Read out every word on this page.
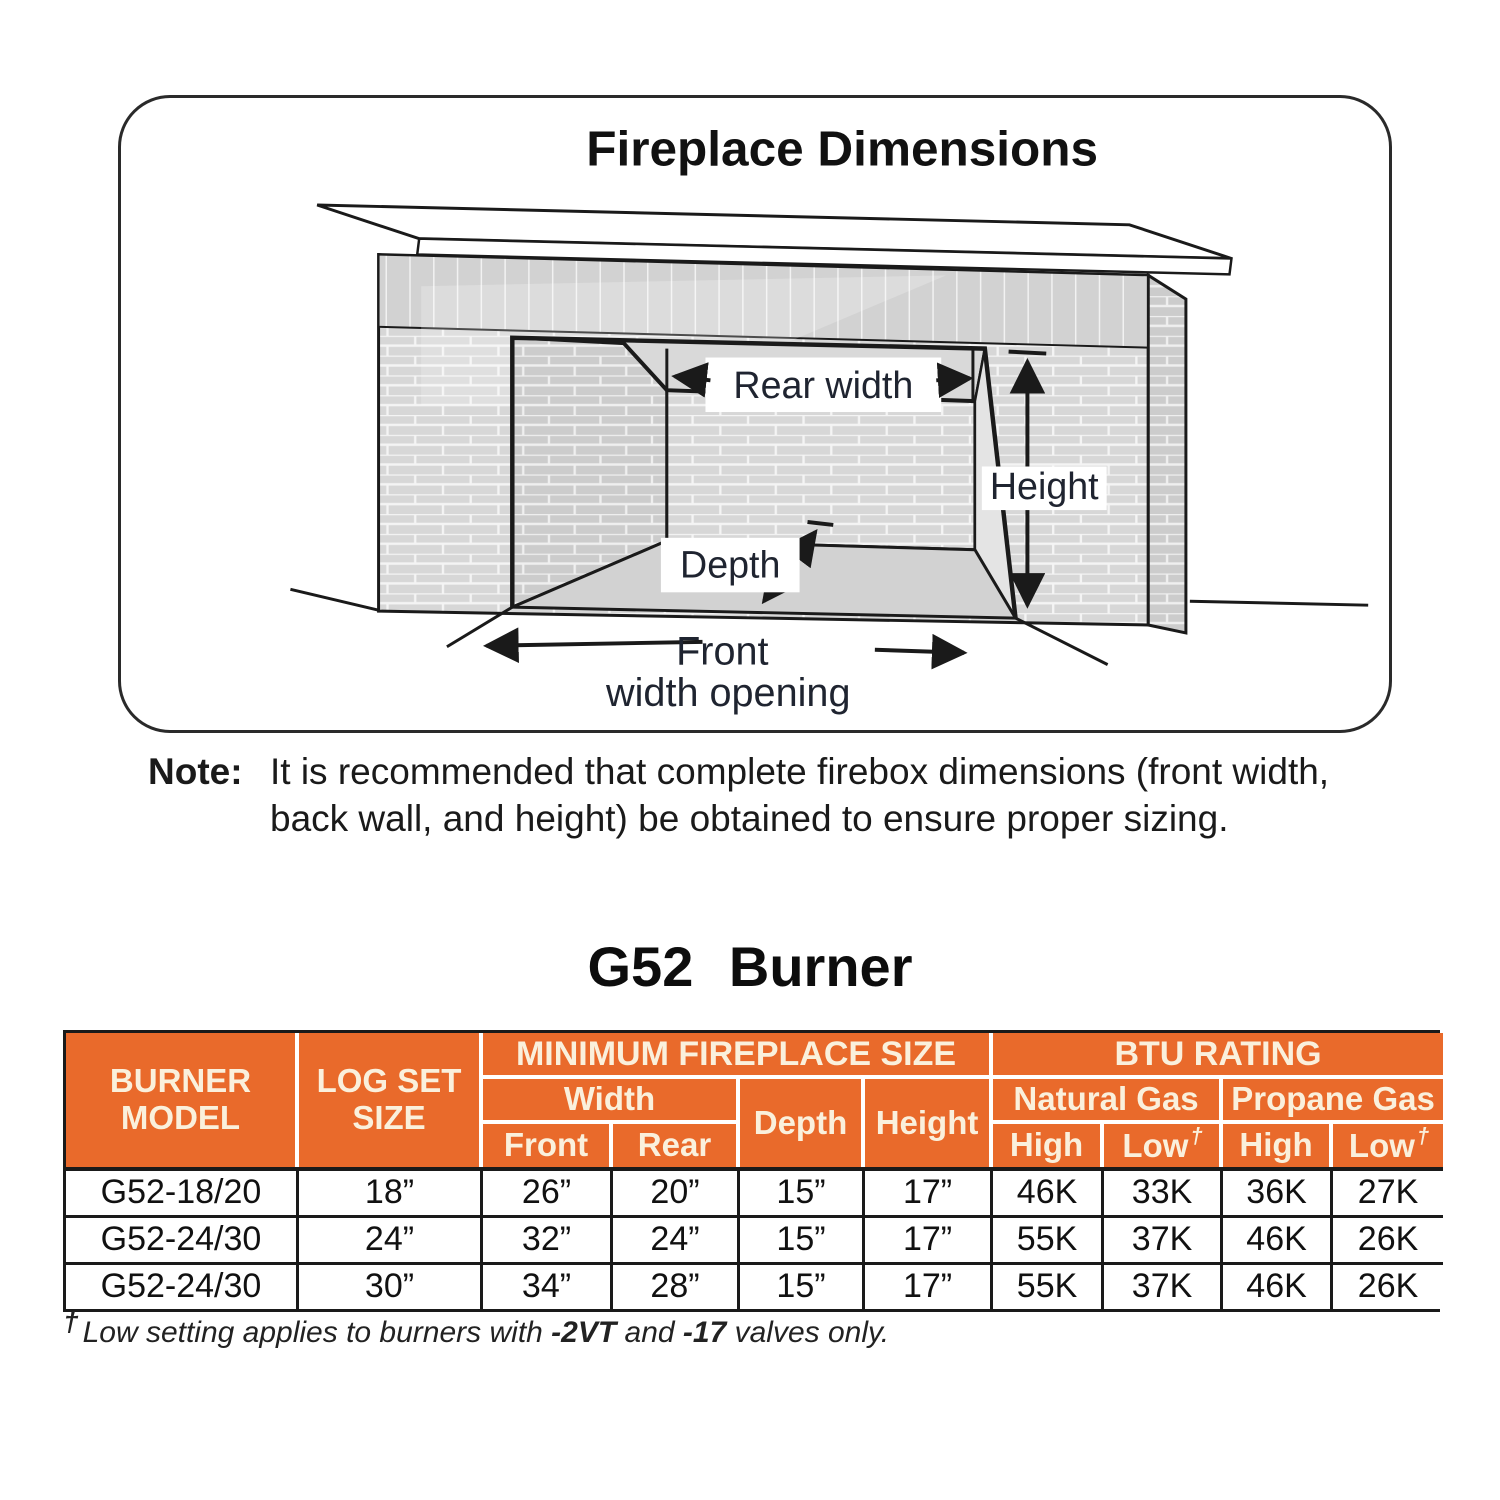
Fireplace Dimensions
Rear width
Height
Depth
Front
width opening
Note: It is recommended that complete firebox dimensions (front width,
back wall, and height) be obtained to ensure proper sizing.
G52 Burner
BURNER MODEL	LOG SET SIZE	MINIMUM FIREPLACE SIZE				BTU RATING			
		Width		Depth	Height	Natural Gas		Propane Gas	
		Front	Rear			High	Low†	High	Low†
G52-18/20	18”	26”	20”	15”	17”	46K	33K	36K	27K
G52-24/30	24”	32”	24”	15”	17”	55K	37K	46K	26K
G52-24/30	30”	34”	28”	15”	17”	55K	37K	46K	26K
† Low setting applies to burners with -2VT and -17 valves only.
